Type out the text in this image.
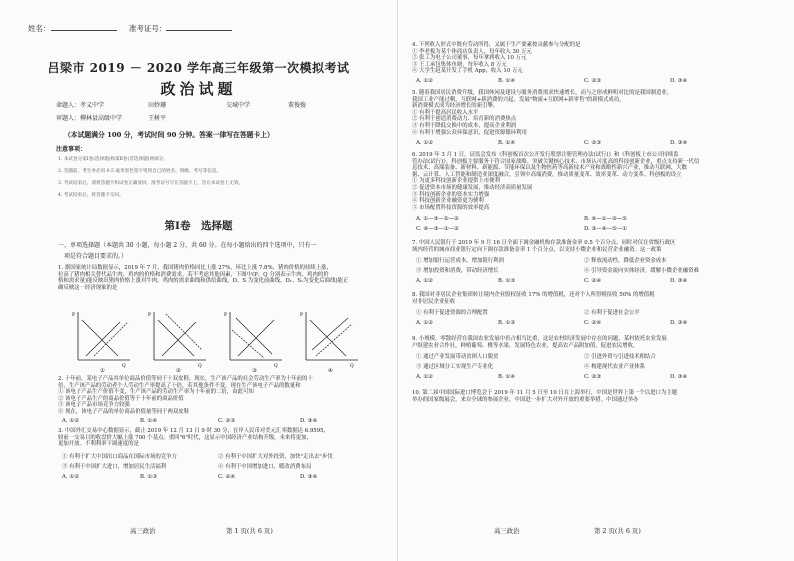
姓名：	准考证号：
吕梁市 2019 － 2020 学年高三年级第一次模拟考试
政治试题
命题人：孝义中学	田妙珊	交城中学	董俊俊
审题人：柳林县高级中学	王树平
（本试题满分 100 分，考试时间 90 分钟。答案一律写在答题卡上）
注意事项：
1. 本试卷分第Ⅰ卷(选择题)和第Ⅱ卷(非选择题)两部分。
2. 答题前，考生务必用 0.5 毫米黑色签字笔将自己的姓名、班级、考号等信息。
3. 考试结束后，请将答题卡和试卷正确放回，准考证号写在答题卡上，答在本试卷上无效。
4. 考试结束后，将答题卡交回。
第Ⅰ卷　选择题
一、单项选择题（本题共 30 小题，每小题 2 分，共 60 分。在每小题给出的四个选项中，只有一
项是符合题目要求的。）
1. 据国家统计局数据显示，2019 年 7 月，我国猪肉价格同比上涨 27%，环比上涨 7.8%，猪肉价格的持续上涨，
拉高了猪肉相关替代品牛肉、鸡肉的价格和消费需求。若不考虑其他因素，下图中(P、Q 分别表示牛肉、鸡肉的价
格和需求量)能反映出猪肉价格上涨对牛肉、鸡肉的需求曲线和供给曲线，D、S 为变化前曲线，D₁、S₁为变化后曲线)能正
确反映这一经济现象的是
P
Q
P
Q
P
Q
P
Q
①	②	③	④
2. 十年前，某电子产品其单位商品价值等同于十双皮鞋。现在，生产该产品的社会劳动生产率为十年前的十
倍，生产该产品的劳动者个人劳动生产率提高了十倍，若其他条件不变，现在生产该电子产品的数量和
① 该电子产品生产价值不变，生产该产品的劳动生产率为十年前的二倍，由此可知
② 该电子产品生产的商品价值等于十年前的商品价值
③ 该电子产品市场竞争力较强
④ 现在，该电子产品的单位商品价值量等同于两双皮鞋
A. ①②	B. ①④	C. ②③	D. ③④
3. 中国外汇交易中心数据显示，截止 2019 年 12 月 13 日 9 时 30 分，在岸人民币对美元汇率数据达 6.9595，
较前一交易日的收盘价大幅上涨 700 个基点。重回"6"时代，这显示中国经济产业结构升级，未来将更加，
更加开放。不利利率下调速度的是
① 有利于扩大中国出口商品在国际市场的竞争力	② 有利于中国扩大对外投资，加快"走出去"步伐
③ 有利于中国扩大进口，增加居民生活福利	④ 有利于中国增加进口，暖改消费布局
A. ①②	B. ①③	C. ②④	D. ③④
高三政治	第 1 页(共 6 页)
4. 下列收入形式中既有劳动所得，又属于生产要素按贡献参与分配的是
① 李老板为某个体商店负责人，每年收入 30 万元
② 张工为电子公司董事，每年拿到收入 10 万元
③ 王工承包集体鱼塘，每年收入 8 万元
④ 大学生赵某开发了手机 App，收入 10 万元
A. ①②	B. ①④	C. ②③	D. ③④
5. 随着我国居民消费升级，我国休闲及建设与服务消费需求快速增长，而与之形成鲜明对比的是我国制造业，
我国工业产能过剩、互联网+新消费的兴起，发展"物流+互联网+新零售"的新模式成功，
新消费模式成为经济增长的新引擎。
① 有利于提高居民收入水平
② 有利于创造消费动力、培育新的消费热点
③ 有利于降低交换中的成本，提高企业利润
④ 有利于增强公众环保意识，促进资源循环利用
A. ①②	B. ①④	C. ②③	D. ③④
6. 2019 年 3 月 1 日，证监会发布《科创板首次公开发行股票注册管理办法(试行)》和《科创板上市公司持续监
管办法(试行)》。科创板主要服务于符合国家战略、突破关键核心技术、市场认可度高的科技创新企业，重点支持新一代信
息技术、高端装备、新材料、新能源、节能环保以及生物医药等高新技术产业和战略性新兴产业，推动互联网、大数
据、云计算、人工智能和制造业深度融合，引领中高端消费，推动质量变革、效率变革、动力变革。科创板的设立
① 为更多科技创新企业提供上市便利
② 促进资本市场的健康发展，推动经济高质量发展
③ 科技创新企业的资本实力增强
④ 科技创新企业融资更为便利
⑤ 市场配置科技资源的效率提高
A. ①—③—⑤—②	B. ④—①—③—⑤
C. ④—③—①—②	D. ③—④—⑤—①
7. 中国人民银行于 2019 年 9 月 16 日全面下调金融机构存款准备金率 0.5 个百分点，同时对仅在省级行政区
域内经营的城市商业银行定向下调存款准备金率 1 个百分点，以支持小微企业和民营企业融资。这一政策
① 增加银行运营成本，增加银行利润	② 释放流动性，降低企业资金成本
③ 增加投资和消费，带动经济增长	④ 引导资金流向实体经济，缓解小微企业融资难
A. ①②	B. ①③	C. ②④	D. ③④
8. 我国对非居民企业集团转让境内企业股权征收 17% 的增值税，还对个人所得税征收 50% 的增值税
对非居民企业征收
① 有利于促进资源的合理配置	② 有利于促进社会公平
A. ①②	B. ①③	C. ②④	D. ③④
9. 小规模、零散经营在我国农业发展中仍占相当比重，这是农村经济发展中存在的问题。某村依托农业发展
户组建农业合作社，种植葡萄、桃等水果，发展特色农业，提高农产品附加值，促进农民增收，
① 通过产业发展带动贫困人口脱贫	② 引进外资与引进技术相结合
③ 通过区域分工实现生产专业化	④ 构建现代农业产业体系
A. ①②	B. ①④	C. ②③	D. ③④
10. 第二届中国国际进口博览会于 2019 年 11 月 5 日至 10 日在上海举行，中国是世界上第一个以进口为主题
举办的国家级展会，来自全球的参展企业，中国进一步扩大对外开放的重要举措。中国通过举办
高三政治	第 2 页(共 6 页)
